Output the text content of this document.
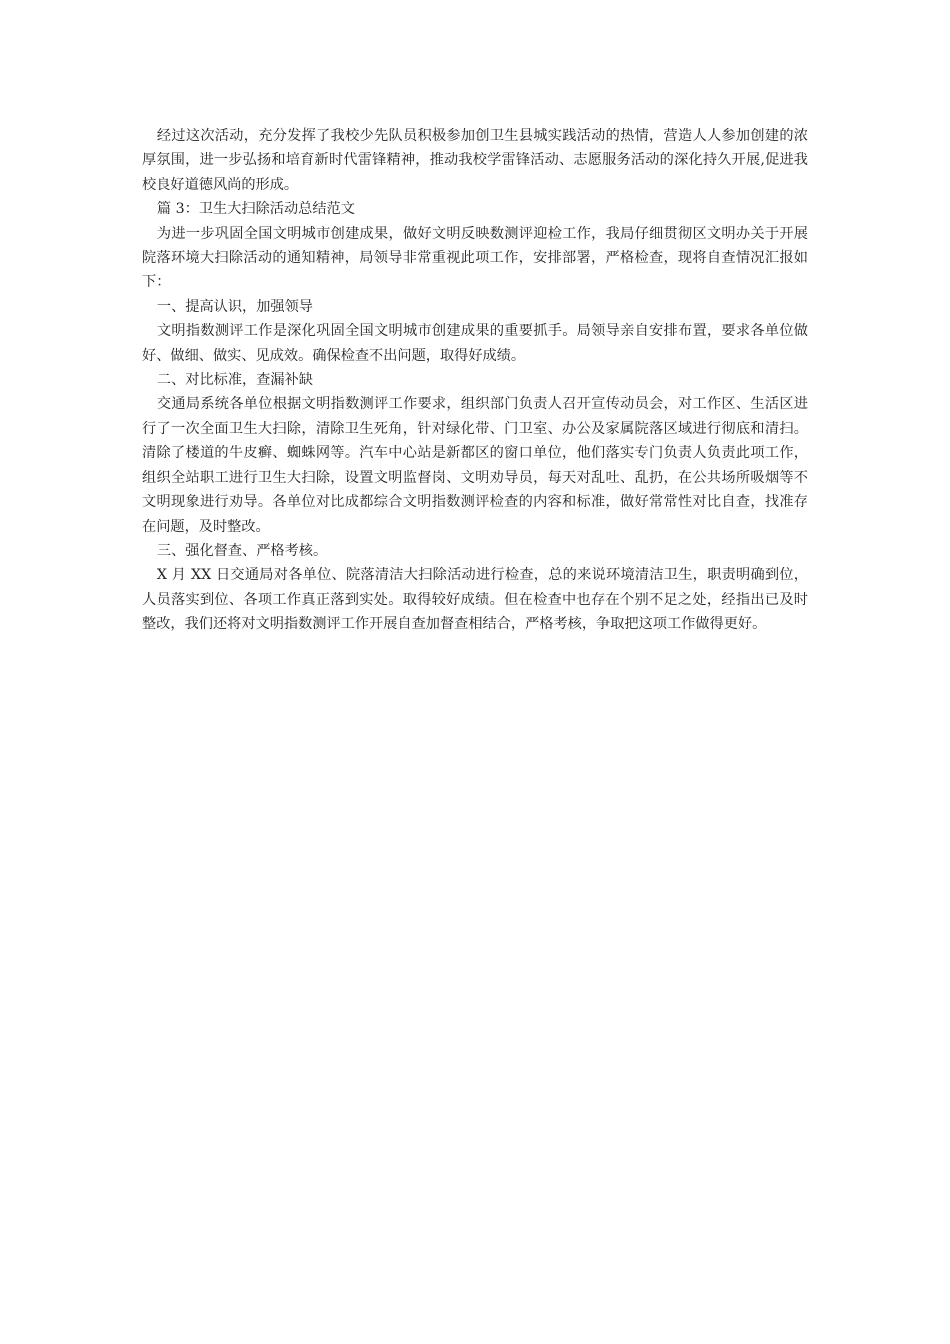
经过这次活动，充分发挥了我校少先队员积极参加创卫生县城实践活动的热情，营造人人参加创建的浓厚氛围，进一步弘扬和培育新时代雷锋精神，推动我校学雷锋活动、志愿服务活动的深化持久开展,促进我校良好道德风尚的形成。

篇 3：卫生大扫除活动总结范文

为进一步巩固全国文明城市创建成果，做好文明反映数测评迎检工作，我局仔细贯彻区文明办关于开展院落环境大扫除活动的通知精神，局领导非常重视此项工作，安排部署，严格检查，现将自查情况汇报如下：

一、提高认识，加强领导

文明指数测评工作是深化巩固全国文明城市创建成果的重要抓手。局领导亲自安排布置，要求各单位做好、做细、做实、见成效。确保检查不出问题，取得好成绩。

二、对比标准，查漏补缺

交通局系统各单位根据文明指数测评工作要求，组织部门负责人召开宣传动员会，对工作区、生活区进行了一次全面卫生大扫除，清除卫生死角，针对绿化带、门卫室、办公及家属院落区域进行彻底和清扫。清除了楼道的牛皮癣、蜘蛛网等。汽车中心站是新都区的窗口单位，他们落实专门负责人负责此项工作，组织全站职工进行卫生大扫除，设置文明监督岗、文明劝导员，每天对乱吐、乱扔，在公共场所吸烟等不文明现象进行劝导。各单位对比成都综合文明指数测评检查的内容和标准，做好常常性对比自查，找准存在问题，及时整改。

三、强化督查、严格考核。

X 月 XX 日交通局对各单位、院落清洁大扫除活动进行检查，总的来说环境清洁卫生，职责明确到位，人员落实到位、各项工作真正落到实处。取得较好成绩。但在检查中也存在个别不足之处，经指出已及时整改，我们还将对文明指数测评工作开展自查加督查相结合，严格考核，争取把这项工作做得更好。
